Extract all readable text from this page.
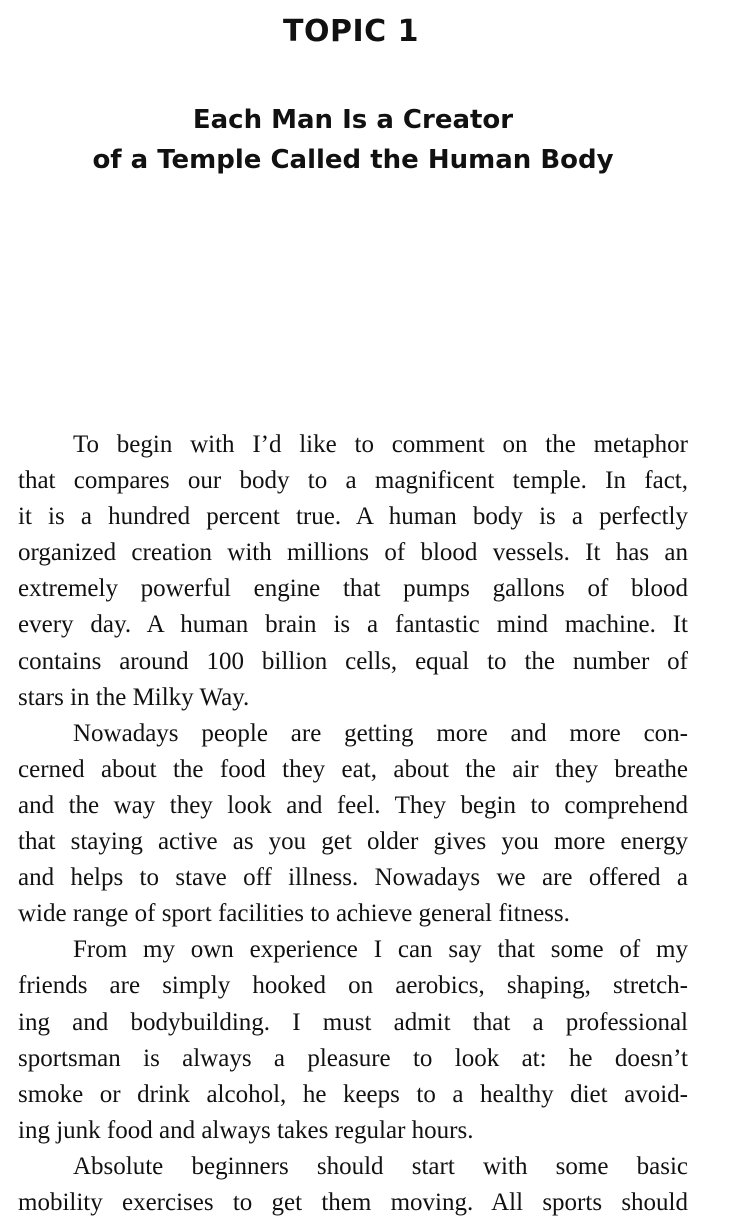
TOPIC 1
Each Man Is a Creator
of a Temple Called the Human Body
To begin with I’d like to comment on the metaphor
that compares our body to a magnificent temple. In fact,
it is a hundred percent true. A human body is a perfectly
organized creation with millions of blood vessels. It has an
extremely powerful engine that pumps gallons of blood
every day. A human brain is a fantastic mind machine. It
contains around 100 billion cells, equal to the number of
stars in the Milky Way.
Nowadays people are getting more and more con-
cerned about the food they eat, about the air they breathe
and the way they look and feel. They begin to comprehend
that staying active as you get older gives you more energy
and helps to stave off illness. Nowadays we are offered a
wide range of sport facilities to achieve general fitness.
From my own experience I can say that some of my
friends are simply hooked on aerobics, shaping, stretch-
ing and bodybuilding. I must admit that a professional
sportsman is always a pleasure to look at: he doesn’t
smoke or drink alcohol, he keeps to a healthy diet avoid-
ing junk food and always takes regular hours.
Absolute beginners should start with some basic
mobility exercises to get them moving. All sports should
